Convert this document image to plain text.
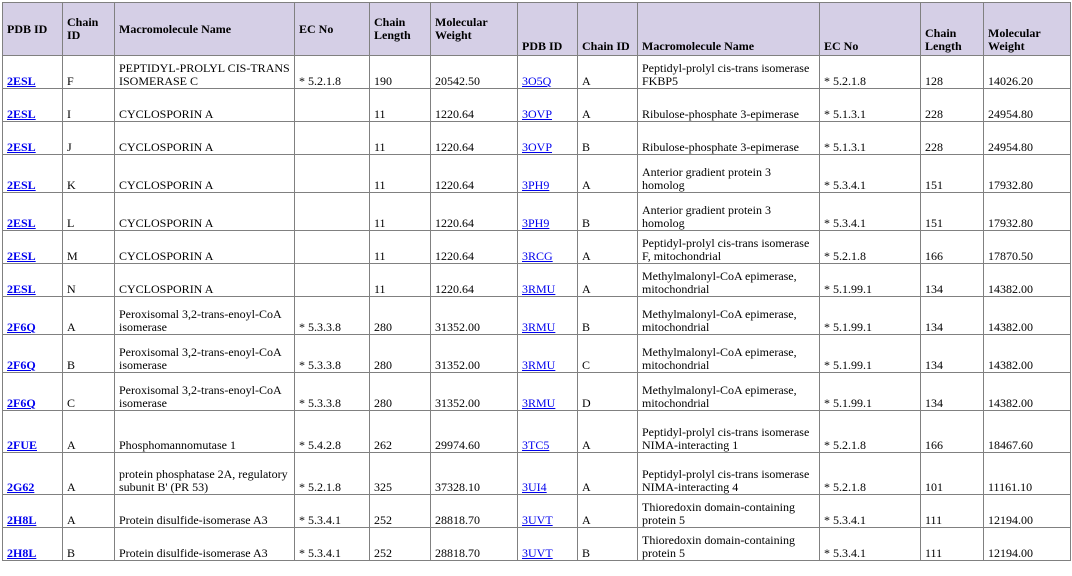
PDB ID	Chain ID	Macromolecule Name	EC No	Chain Length	Molecular Weight	PDB ID	Chain ID	Macromolecule Name	EC No	Chain Length	Molecular Weight
2ESL	F	PEPTIDYL-PROLYL CIS-TRANS ISOMERASE C	* 5.2.1.8	190	20542.50	3O5Q	A	Peptidyl-prolyl cis-trans isomerase FKBP5	* 5.2.1.8	128	14026.20
2ESL	I	CYCLOSPORIN A		11	1220.64	3OVP	A	Ribulose-phosphate 3-epimerase	* 5.1.3.1	228	24954.80
2ESL	J	CYCLOSPORIN A		11	1220.64	3OVP	B	Ribulose-phosphate 3-epimerase	* 5.1.3.1	228	24954.80
2ESL	K	CYCLOSPORIN A		11	1220.64	3PH9	A	Anterior gradient protein 3 homolog	* 5.3.4.1	151	17932.80
2ESL	L	CYCLOSPORIN A		11	1220.64	3PH9	B	Anterior gradient protein 3 homolog	* 5.3.4.1	151	17932.80
2ESL	M	CYCLOSPORIN A		11	1220.64	3RCG	A	Peptidyl-prolyl cis-trans isomerase F, mitochondrial	* 5.2.1.8	166	17870.50
2ESL	N	CYCLOSPORIN A		11	1220.64	3RMU	A	Methylmalonyl-CoA epimerase, mitochondrial	* 5.1.99.1	134	14382.00
2F6Q	A	Peroxisomal 3,2-trans-enoyl-CoA isomerase	* 5.3.3.8	280	31352.00	3RMU	B	Methylmalonyl-CoA epimerase, mitochondrial	* 5.1.99.1	134	14382.00
2F6Q	B	Peroxisomal 3,2-trans-enoyl-CoA isomerase	* 5.3.3.8	280	31352.00	3RMU	C	Methylmalonyl-CoA epimerase, mitochondrial	* 5.1.99.1	134	14382.00
2F6Q	C	Peroxisomal 3,2-trans-enoyl-CoA isomerase	* 5.3.3.8	280	31352.00	3RMU	D	Methylmalonyl-CoA epimerase, mitochondrial	* 5.1.99.1	134	14382.00
2FUE	A	Phosphomannomutase 1	* 5.4.2.8	262	29974.60	3TC5	A	Peptidyl-prolyl cis-trans isomerase NIMA-interacting 1	* 5.2.1.8	166	18467.60
2G62	A	protein phosphatase 2A, regulatory subunit B' (PR 53)	* 5.2.1.8	325	37328.10	3UI4	A	Peptidyl-prolyl cis-trans isomerase NIMA-interacting 4	* 5.2.1.8	101	11161.10
2H8L	A	Protein disulfide-isomerase A3	* 5.3.4.1	252	28818.70	3UVT	A	Thioredoxin domain-containing protein 5	* 5.3.4.1	111	12194.00
2H8L	B	Protein disulfide-isomerase A3	* 5.3.4.1	252	28818.70	3UVT	B	Thioredoxin domain-containing protein 5	* 5.3.4.1	111	12194.00
